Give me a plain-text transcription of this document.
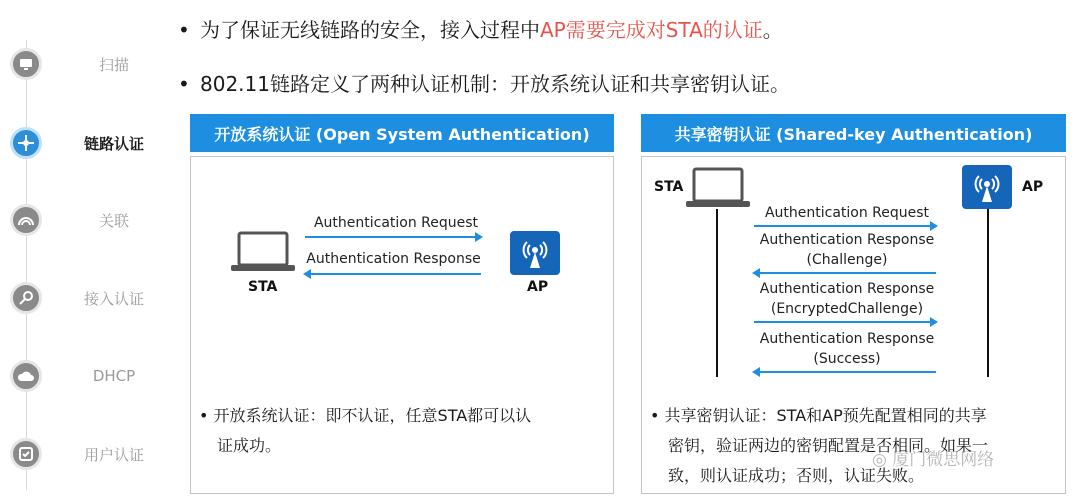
扫描
链路认证
关联
接入认证
DHCP
用户认证
• 为了保证无线链路的安全，接入过程中AP需要完成对STA的认证。
• 802.11链路定义了两种认证机制：开放系统认证和共享密钥认证。
开放系统认证 (Open System Authentication)
STA
Authentication Request
Authentication Response
AP
• 开放系统认证：即不认证，任意STA都可以认
证成功。
共享密钥认证 (Shared-key Authentication)
STA	AP
Authentication Request
Authentication Response
(Challenge)
Authentication Response
(EncryptedChallenge)
Authentication Response
(Success)
• 共享密钥认证：STA和AP预先配置相同的共享
密钥，验证两边的密钥配置是否相同。如果一
致，则认证成功；否则，认证失败。
◎ 厦门微思网络
